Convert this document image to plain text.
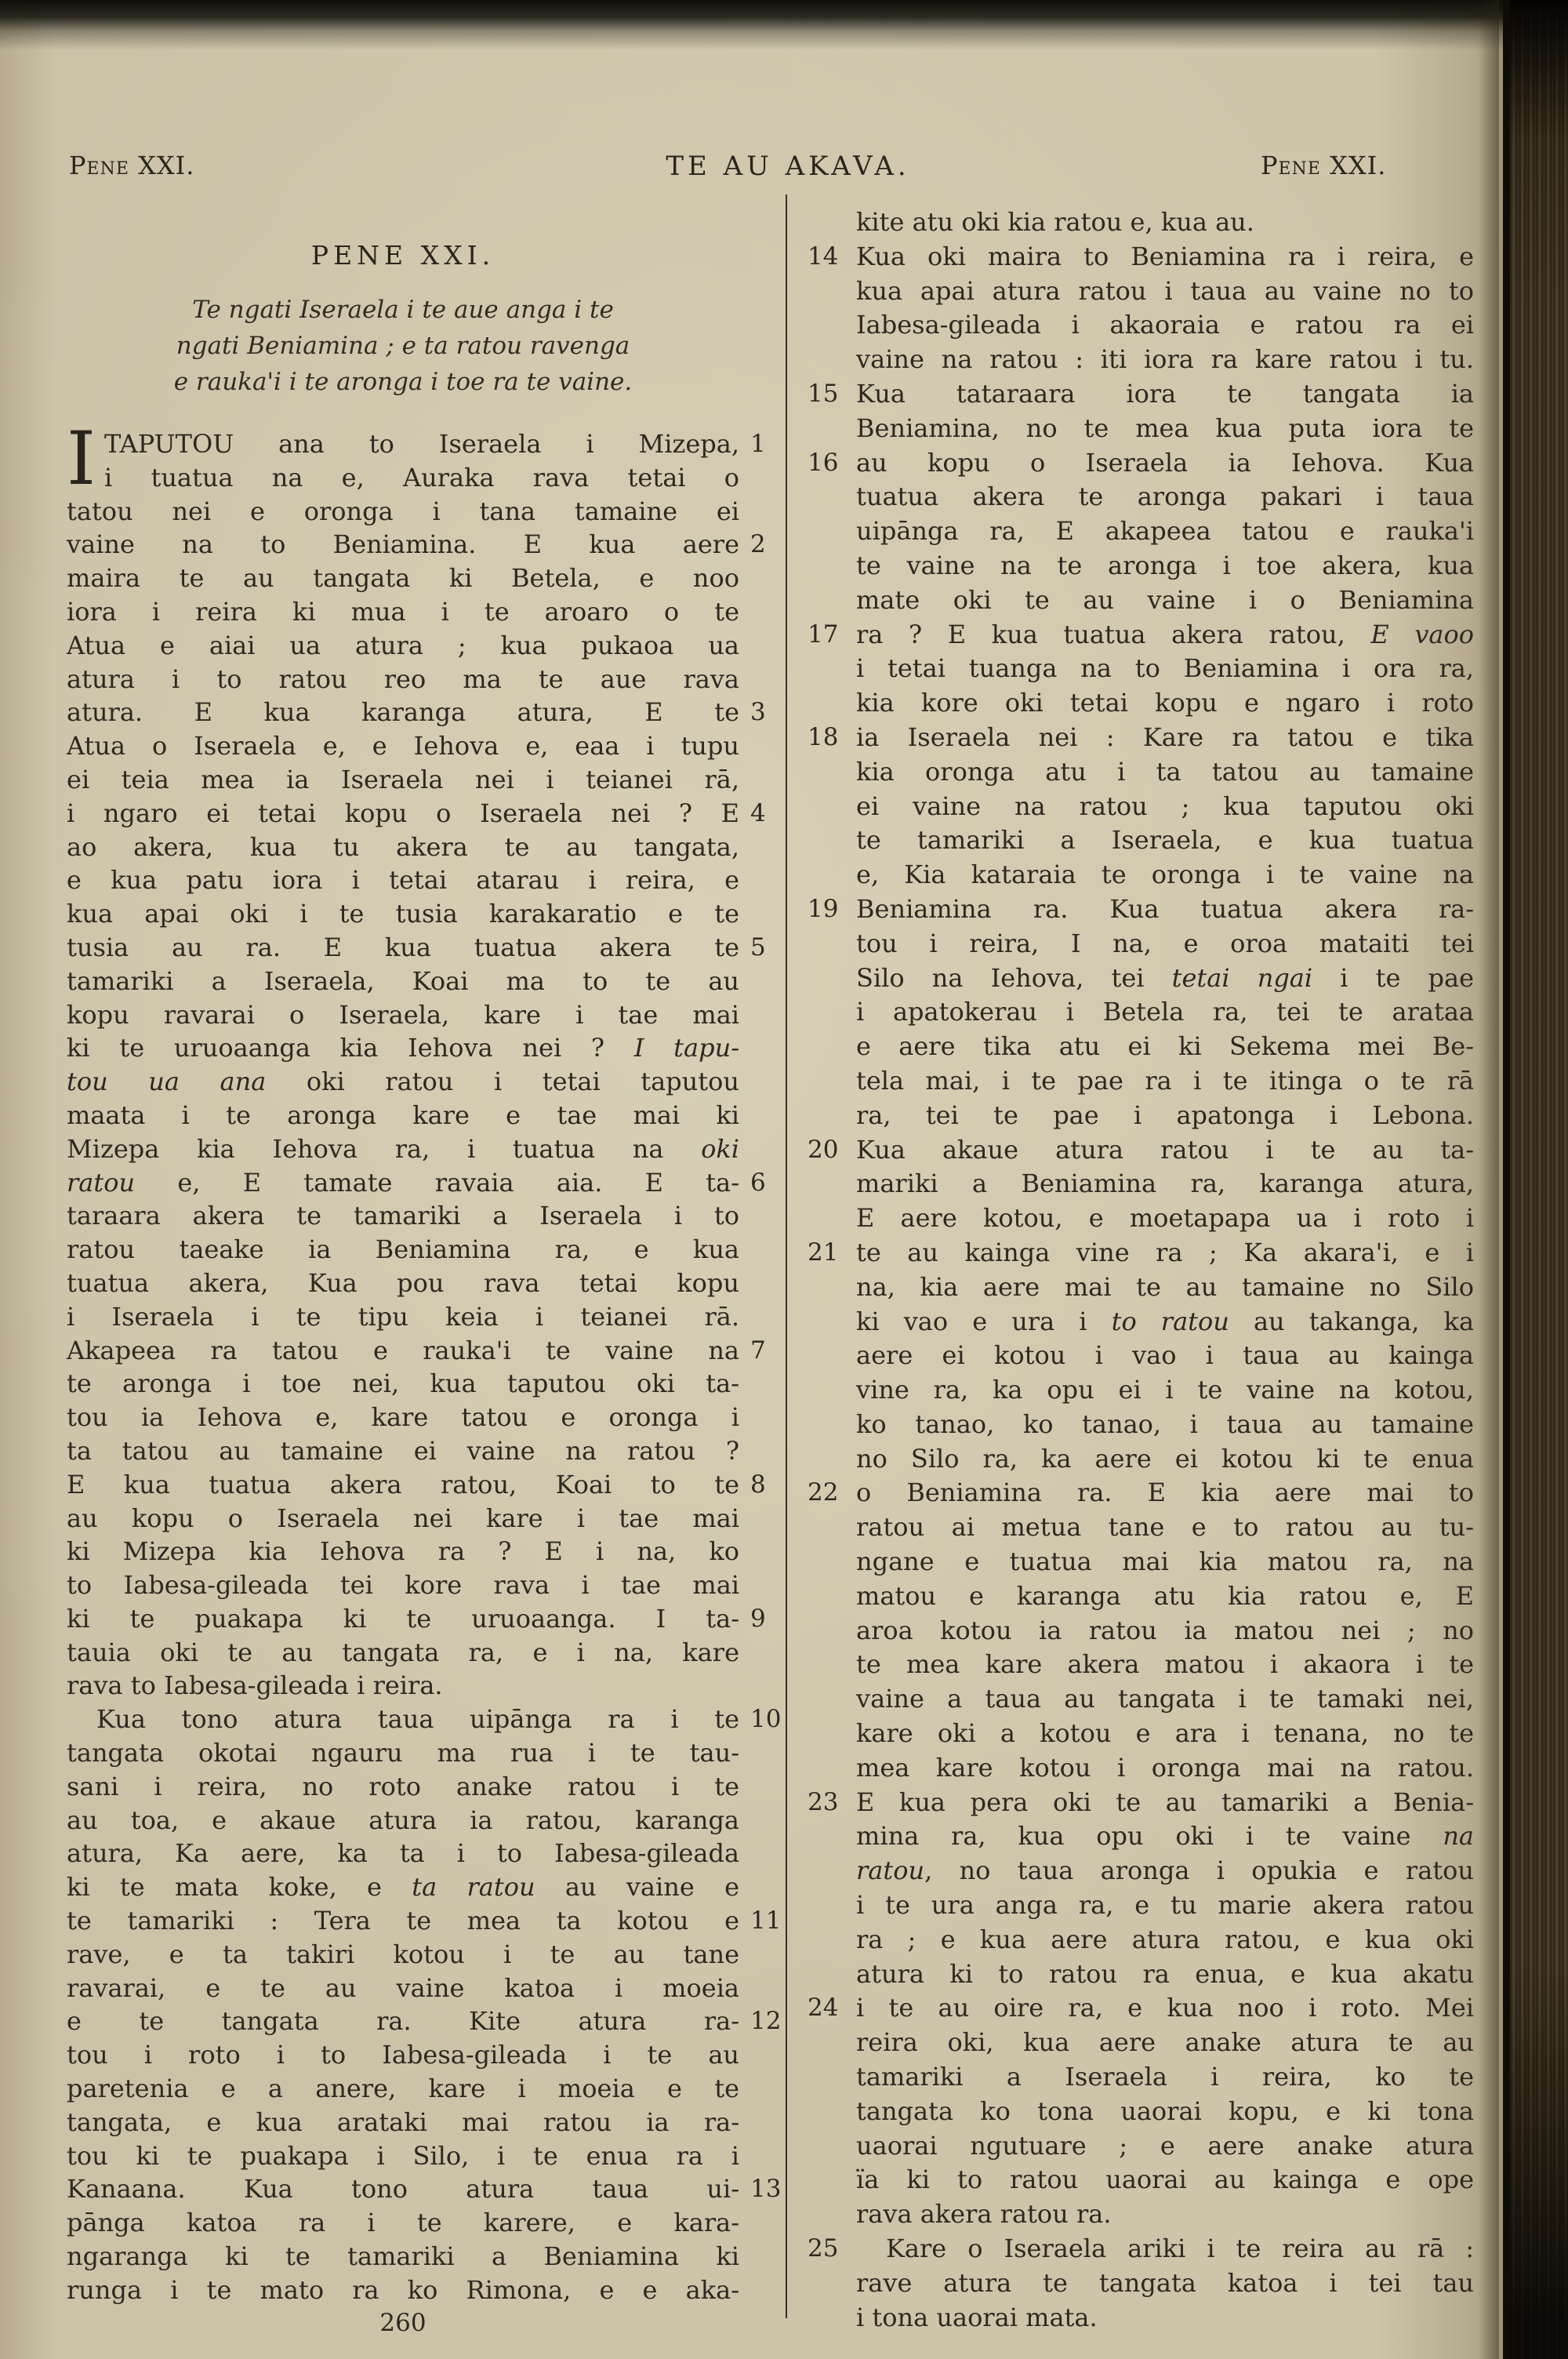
Pene XXI.	TE AU AKAVA.	Pene XXI.
PENE XXI.
Te ngati Iseraela i te aue anga i te
ngati Beniamina ; e ta ratou ravenga
e rauka'i i te aronga i toe ra te vaine.
I	1
TAPUTOU ana to Iseraela i Mizepa,
i tuatua na e, Auraka rava tetai o
tatou nei e oronga i tana tamaine ei
2
vaine na to Beniamina. E kua aere
maira te au tangata ki Betela, e noo
iora i reira ki mua i te aroaro o te
Atua e aiai ua atura ; kua pukaoa ua
atura i to ratou reo ma te aue rava
3
atura. E kua karanga atura, E te
Atua o Iseraela e, e Iehova e, eaa i tupu
ei teia mea ia Iseraela nei i teianei rā,
4
i ngaro ei tetai kopu o Iseraela nei ? E
ao akera, kua tu akera te au tangata,
e kua patu iora i tetai atarau i reira, e
kua apai oki i te tusia karakaratio e te
5
tusia au ra. E kua tuatua akera te
tamariki a Iseraela, Koai ma to te au
kopu ravarai o Iseraela, kare i tae mai
ki te uruoaanga kia Iehova nei ? I tapu-
tou ua ana oki ratou i tetai taputou
maata i te aronga kare e tae mai ki
Mizepa kia Iehova ra, i tuatua na oki
6
ratou e, E tamate ravaia aia. E ta-
taraara akera te tamariki a Iseraela i to
ratou taeake ia Beniamina ra, e kua
tuatua akera, Kua pou rava tetai kopu
i Iseraela i te tipu keia i teianei rā.
7
Akapeea ra tatou e rauka'i te vaine na
te aronga i toe nei, kua taputou oki ta-
tou ia Iehova e, kare tatou e oronga i
ta tatou au tamaine ei vaine na ratou ?
8
E kua tuatua akera ratou, Koai to te
au kopu o Iseraela nei kare i tae mai
ki Mizepa kia Iehova ra ? E i na, ko
to Iabesa-gileada tei kore rava i tae mai
9
ki te puakapa ki te uruoaanga. I ta-
tauia oki te au tangata ra, e i na, kare
rava to Iabesa-gileada i reira.
10
Kua tono atura taua uipānga ra i te
tangata okotai ngauru ma rua i te tau-
sani i reira, no roto anake ratou i te
au toa, e akaue atura ia ratou, karanga
atura, Ka aere, ka ta i to Iabesa-gileada
ki te mata koke, e ta ratou au vaine e
11
te tamariki : Tera te mea ta kotou e
rave, e ta takiri kotou i te au tane
ravarai, e te au vaine katoa i moeia
12
e te tangata ra. Kite atura ra-
tou i roto i to Iabesa-gileada i te au
paretenia e a anere, kare i moeia e te
tangata, e kua arataki mai ratou ia ra-
tou ki te puakapa i Silo, i te enua ra i
13
Kanaana. Kua tono atura taua ui-
pānga katoa ra i te karere, e kara-
ngaranga ki te tamariki a Beniamina ki
runga i te mato ra ko Rimona, e e aka-
kite atu oki kia ratou e, kua au.
14 Kua oki maira to Beniamina ra i reira, e
kua apai atura ratou i taua au vaine no to
Iabesa-gileada i akaoraia e ratou ra ei
vaine na ratou : iti iora ra kare ratou i tu.
15 Kua tataraara iora te tangata ia
Beniamina, no te mea kua puta iora te
16 au kopu o Iseraela ia Iehova. Kua
tuatua akera te aronga pakari i taua
uipānga ra, E akapeea tatou e rauka'i
te vaine na te aronga i toe akera, kua
mate oki te au vaine i o Beniamina
17 ra ? E kua tuatua akera ratou, E vaoo
i tetai tuanga na to Beniamina i ora ra,
kia kore oki tetai kopu e ngaro i roto
18 ia Iseraela nei : Kare ra tatou e tika
kia oronga atu i ta tatou au tamaine
ei vaine na ratou ; kua taputou oki
te tamariki a Iseraela, e kua tuatua
e, Kia kataraia te oronga i te vaine na
19 Beniamina ra. Kua tuatua akera ra-
tou i reira, I na, e oroa mataiti tei
Silo na Iehova, tei tetai ngai i te pae
i apatokerau i Betela ra, tei te arataa
e aere tika atu ei ki Sekema mei Be-
tela mai, i te pae ra i te itinga o te rā
ra, tei te pae i apatonga i Lebona.
20 Kua akaue atura ratou i te au ta-
mariki a Beniamina ra, karanga atura,
E aere kotou, e moetapapa ua i roto i
21 te au kainga vine ra ; Ka akara'i, e i
na, kia aere mai te au tamaine no Silo
ki vao e ura i to ratou au takanga, ka
aere ei kotou i vao i taua au kainga
vine ra, ka opu ei i te vaine na kotou,
ko tanao, ko tanao, i taua au tamaine
no Silo ra, ka aere ei kotou ki te enua
22 o Beniamina ra. E kia aere mai to
ratou ai metua tane e to ratou au tu-
ngane e tuatua mai kia matou ra, na
matou e karanga atu kia ratou e, E
aroa kotou ia ratou ia matou nei ; no
te mea kare akera matou i akaora i te
vaine a taua au tangata i te tamaki nei,
kare oki a kotou e ara i tenana, no te
mea kare kotou i oronga mai na ratou.
23 E kua pera oki te au tamariki a Benia-
mina ra, kua opu oki i te vaine na
ratou, no taua aronga i opukia e ratou
i te ura anga ra, e tu marie akera ratou
ra ; e kua aere atura ratou, e kua oki
atura ki to ratou ra enua, e kua akatu
24 i te au oire ra, e kua noo i roto. Mei
reira oki, kua aere anake atura te au
tamariki a Iseraela i reira, ko te
tangata ko tona uaorai kopu, e ki tona
uaorai ngutuare ; e aere anake atura
ïa ki to ratou uaorai au kainga e ope
rava akera ratou ra.
25	Kare o Iseraela ariki i te reira au rā :
rave atura te tangata katoa i tei tau
i tona uaorai mata.
260
